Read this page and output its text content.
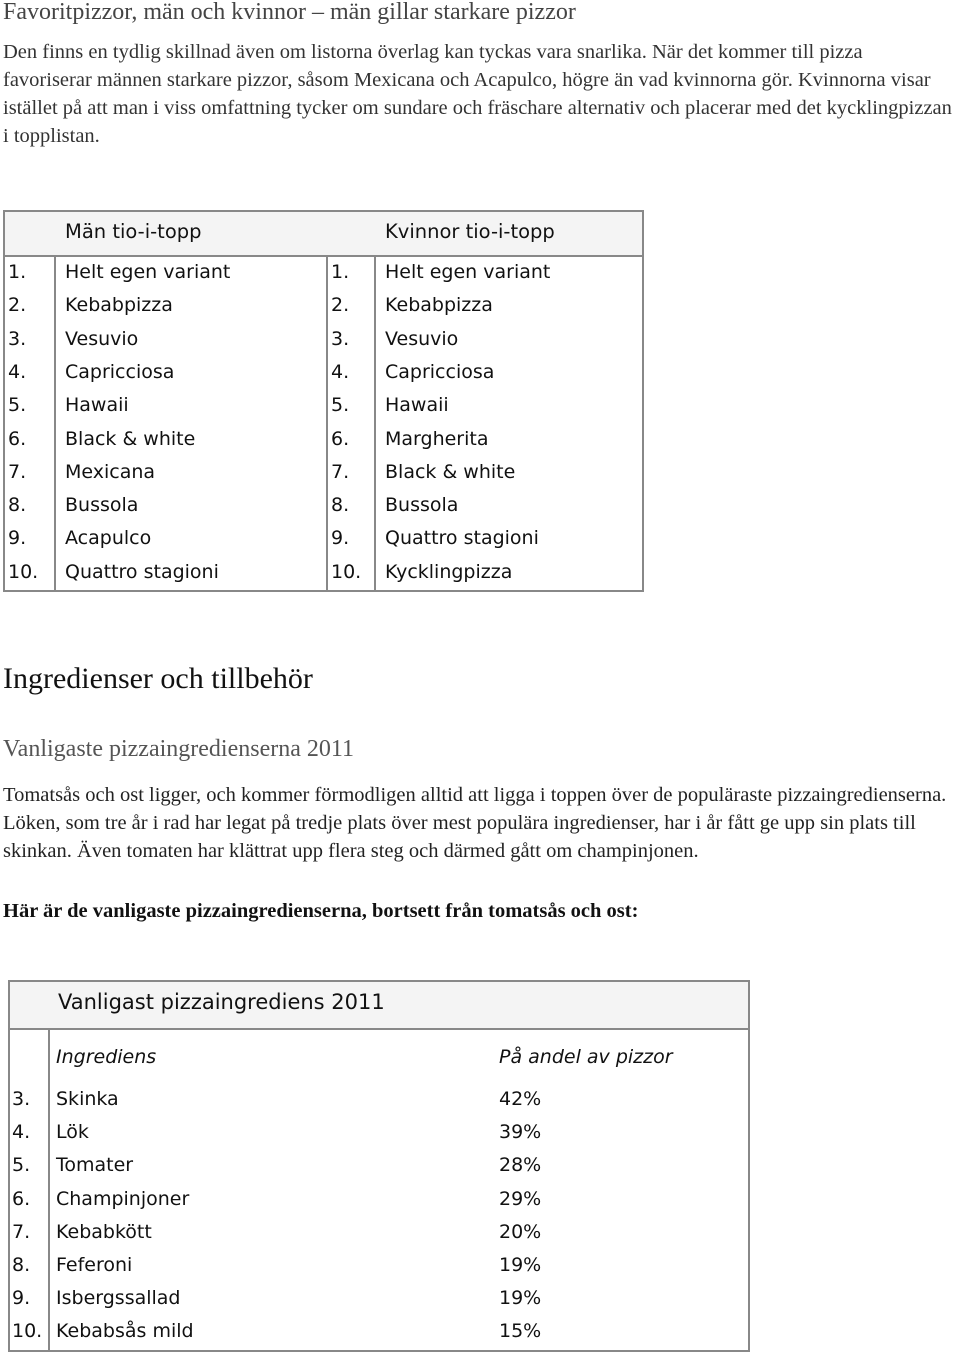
Favoritpizzor, män och kvinnor – män gillar starkare pizzor

Den finns en tydlig skillnad även om listorna överlag kan tyckas vara snarlika. När det kommer till pizza favoriserar männen starkare pizzor, såsom Mexicana och Acapulco, högre än vad kvinnorna gör. Kvinnorna visar istället på att man i viss omfattning tycker om sundare och fräschare alternativ och placerar med det kycklingpizzan i topplistan.

Män tio-i-topp	Kvinnor tio-i-topp
1. Helt egen variant	1. Helt egen variant
2. Kebabpizza	2. Kebabpizza
3. Vesuvio	3. Vesuvio
4. Capricciosa	4. Capricciosa
5. Hawaii	5. Hawaii
6. Black & white	6. Margherita
7. Mexicana	7. Black & white
8. Bussola	8. Bussola
9. Acapulco	9. Quattro stagioni
10. Quattro stagioni	10. Kycklingpizza
Ingredienser och tillbehör
Vanligaste pizzaingredienserna 2011

Tomatsås och ost ligger, och kommer förmodligen alltid att ligga i toppen över de populäraste pizzaingredienserna. Löken, som tre år i rad har legat på tredje plats över mest populära ingredienser, har i år fått ge upp sin plats till skinkan. Även tomaten har klättrat upp flera steg och därmed gått om champinjonen.

Här är de vanligaste pizzaingredienserna, bortsett från tomatsås och ost:

Vanligast pizzaingrediens 2011
Ingrediens	På andel av pizzor
3. Skinka	42%
4. Lök	39%
5. Tomater	28%
6. Champinjoner	29%
7. Kebabkött	20%
8. Feferoni	19%
9. Isbergssallad	19%
10. Kebabsås mild	15%
